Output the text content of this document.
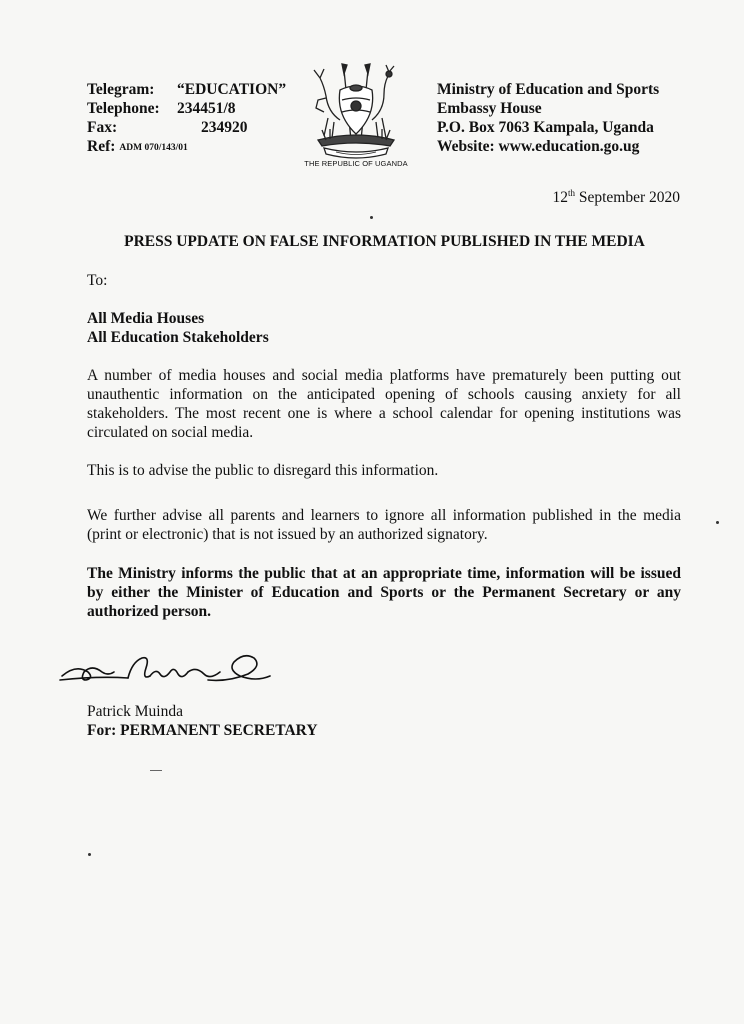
Telegram:	“EDUCATION”
Telephone:	234451/8
Fax:	234920
Ref: ADM 070/143/01
THE REPUBLIC OF UGANDA
Ministry of Education and Sports
Embassy House
P.O. Box 7063 Kampala, Uganda
Website: www.education.go.ug
12th September 2020
PRESS UPDATE ON FALSE INFORMATION PUBLISHED IN THE MEDIA
To:
All Media Houses
All Education Stakeholders
A number of media houses and social media platforms have prematurely been putting out unauthentic information on the anticipated opening of schools causing anxiety for all stakeholders. The most recent one is where a school calendar for opening institutions was circulated on social media.
This is to advise the public to disregard this information.
We further advise all parents and learners to ignore all information published in the media (print or electronic) that is not issued by an authorized signatory.
The Ministry informs the public that at an appropriate time, information will be issued by either the Minister of Education and Sports or the Permanent Secretary or any authorized person.
Patrick Muinda
For: PERMANENT SECRETARY
